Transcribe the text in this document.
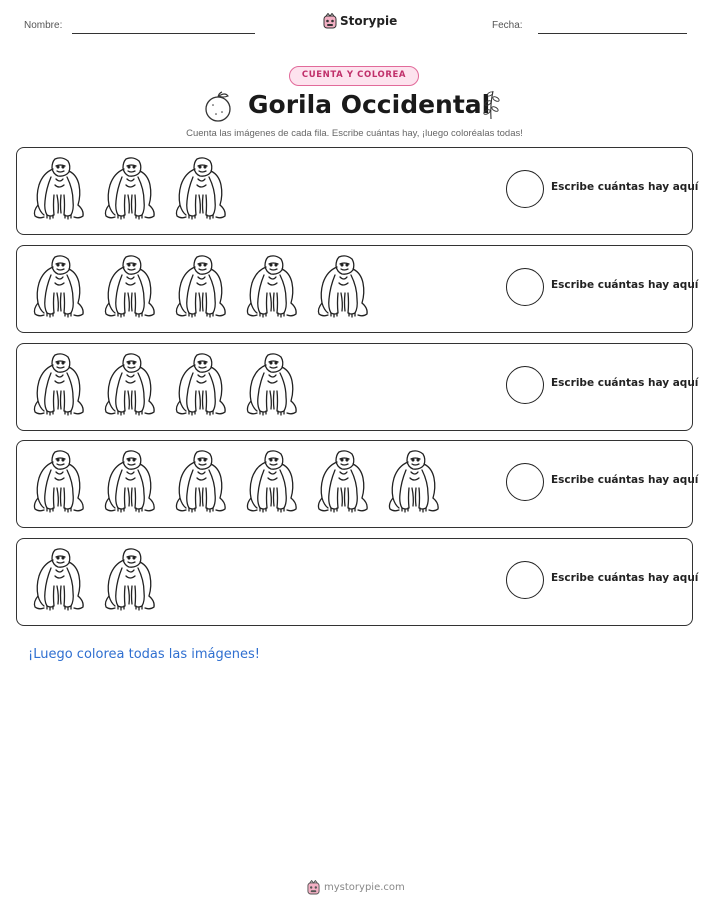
Nombre:	Storypie	Fecha:
CUENTA Y COLOREA
Gorila Occidental
Cuenta las imágenes de cada fila. Escribe cuántas hay, ¡luego coloréalas todas!
Escribe cuántas hay aquí
Escribe cuántas hay aquí
Escribe cuántas hay aquí
Escribe cuántas hay aquí
Escribe cuántas hay aquí
¡Luego colorea todas las imágenes!
mystorypie.com
